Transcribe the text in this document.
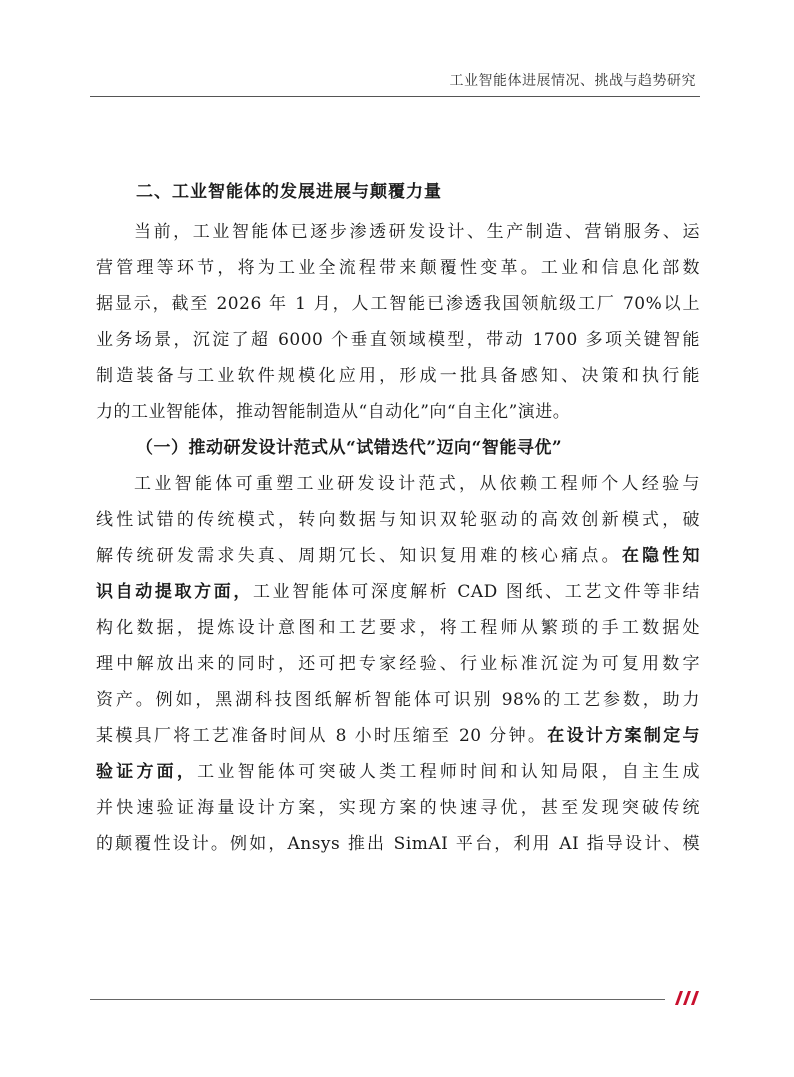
工业智能体进展情况、挑战与趋势研究
二、工业智能体的发展进展与颠覆力量

当前，工业智能体已逐步渗透研发设计、生产制造、营销服务、运
营管理等环节，将为工业全流程带来颠覆性变革。工业和信息化部数
据显示，截至 2026 年 1 月，人工智能已渗透我国领航级工厂 70%以上
业务场景，沉淀了超 6000 个垂直领域模型，带动 1700 多项关键智能
制造装备与工业软件规模化应用，形成一批具备感知、决策和执行能
力的工业智能体，推动智能制造从“自动化”向“自主化”演进。

（一）推动研发设计范式从“试错迭代”迈向“智能寻优”

工业智能体可重塑工业研发设计范式，从依赖工程师个人经验与
线性试错的传统模式，转向数据与知识双轮驱动的高效创新模式，破
解传统研发需求失真、周期冗长、知识复用难的核心痛点。在隐性知
识自动提取方面，工业智能体可深度解析 CAD 图纸、工艺文件等非结
构化数据，提炼设计意图和工艺要求，将工程师从繁琐的手工数据处
理中解放出来的同时，还可把专家经验、行业标准沉淀为可复用数字
资产。例如，黑湖科技图纸解析智能体可识别 98%的工艺参数，助力
某模具厂将工艺准备时间从 8 小时压缩至 20 分钟。在设计方案制定与
验证方面，工业智能体可突破人类工程师时间和认知局限，自主生成
并快速验证海量设计方案，实现方案的快速寻优，甚至发现突破传统
的颠覆性设计。例如，Ansys 推出 SimAI 平台，利用 AI 指导设计、模
